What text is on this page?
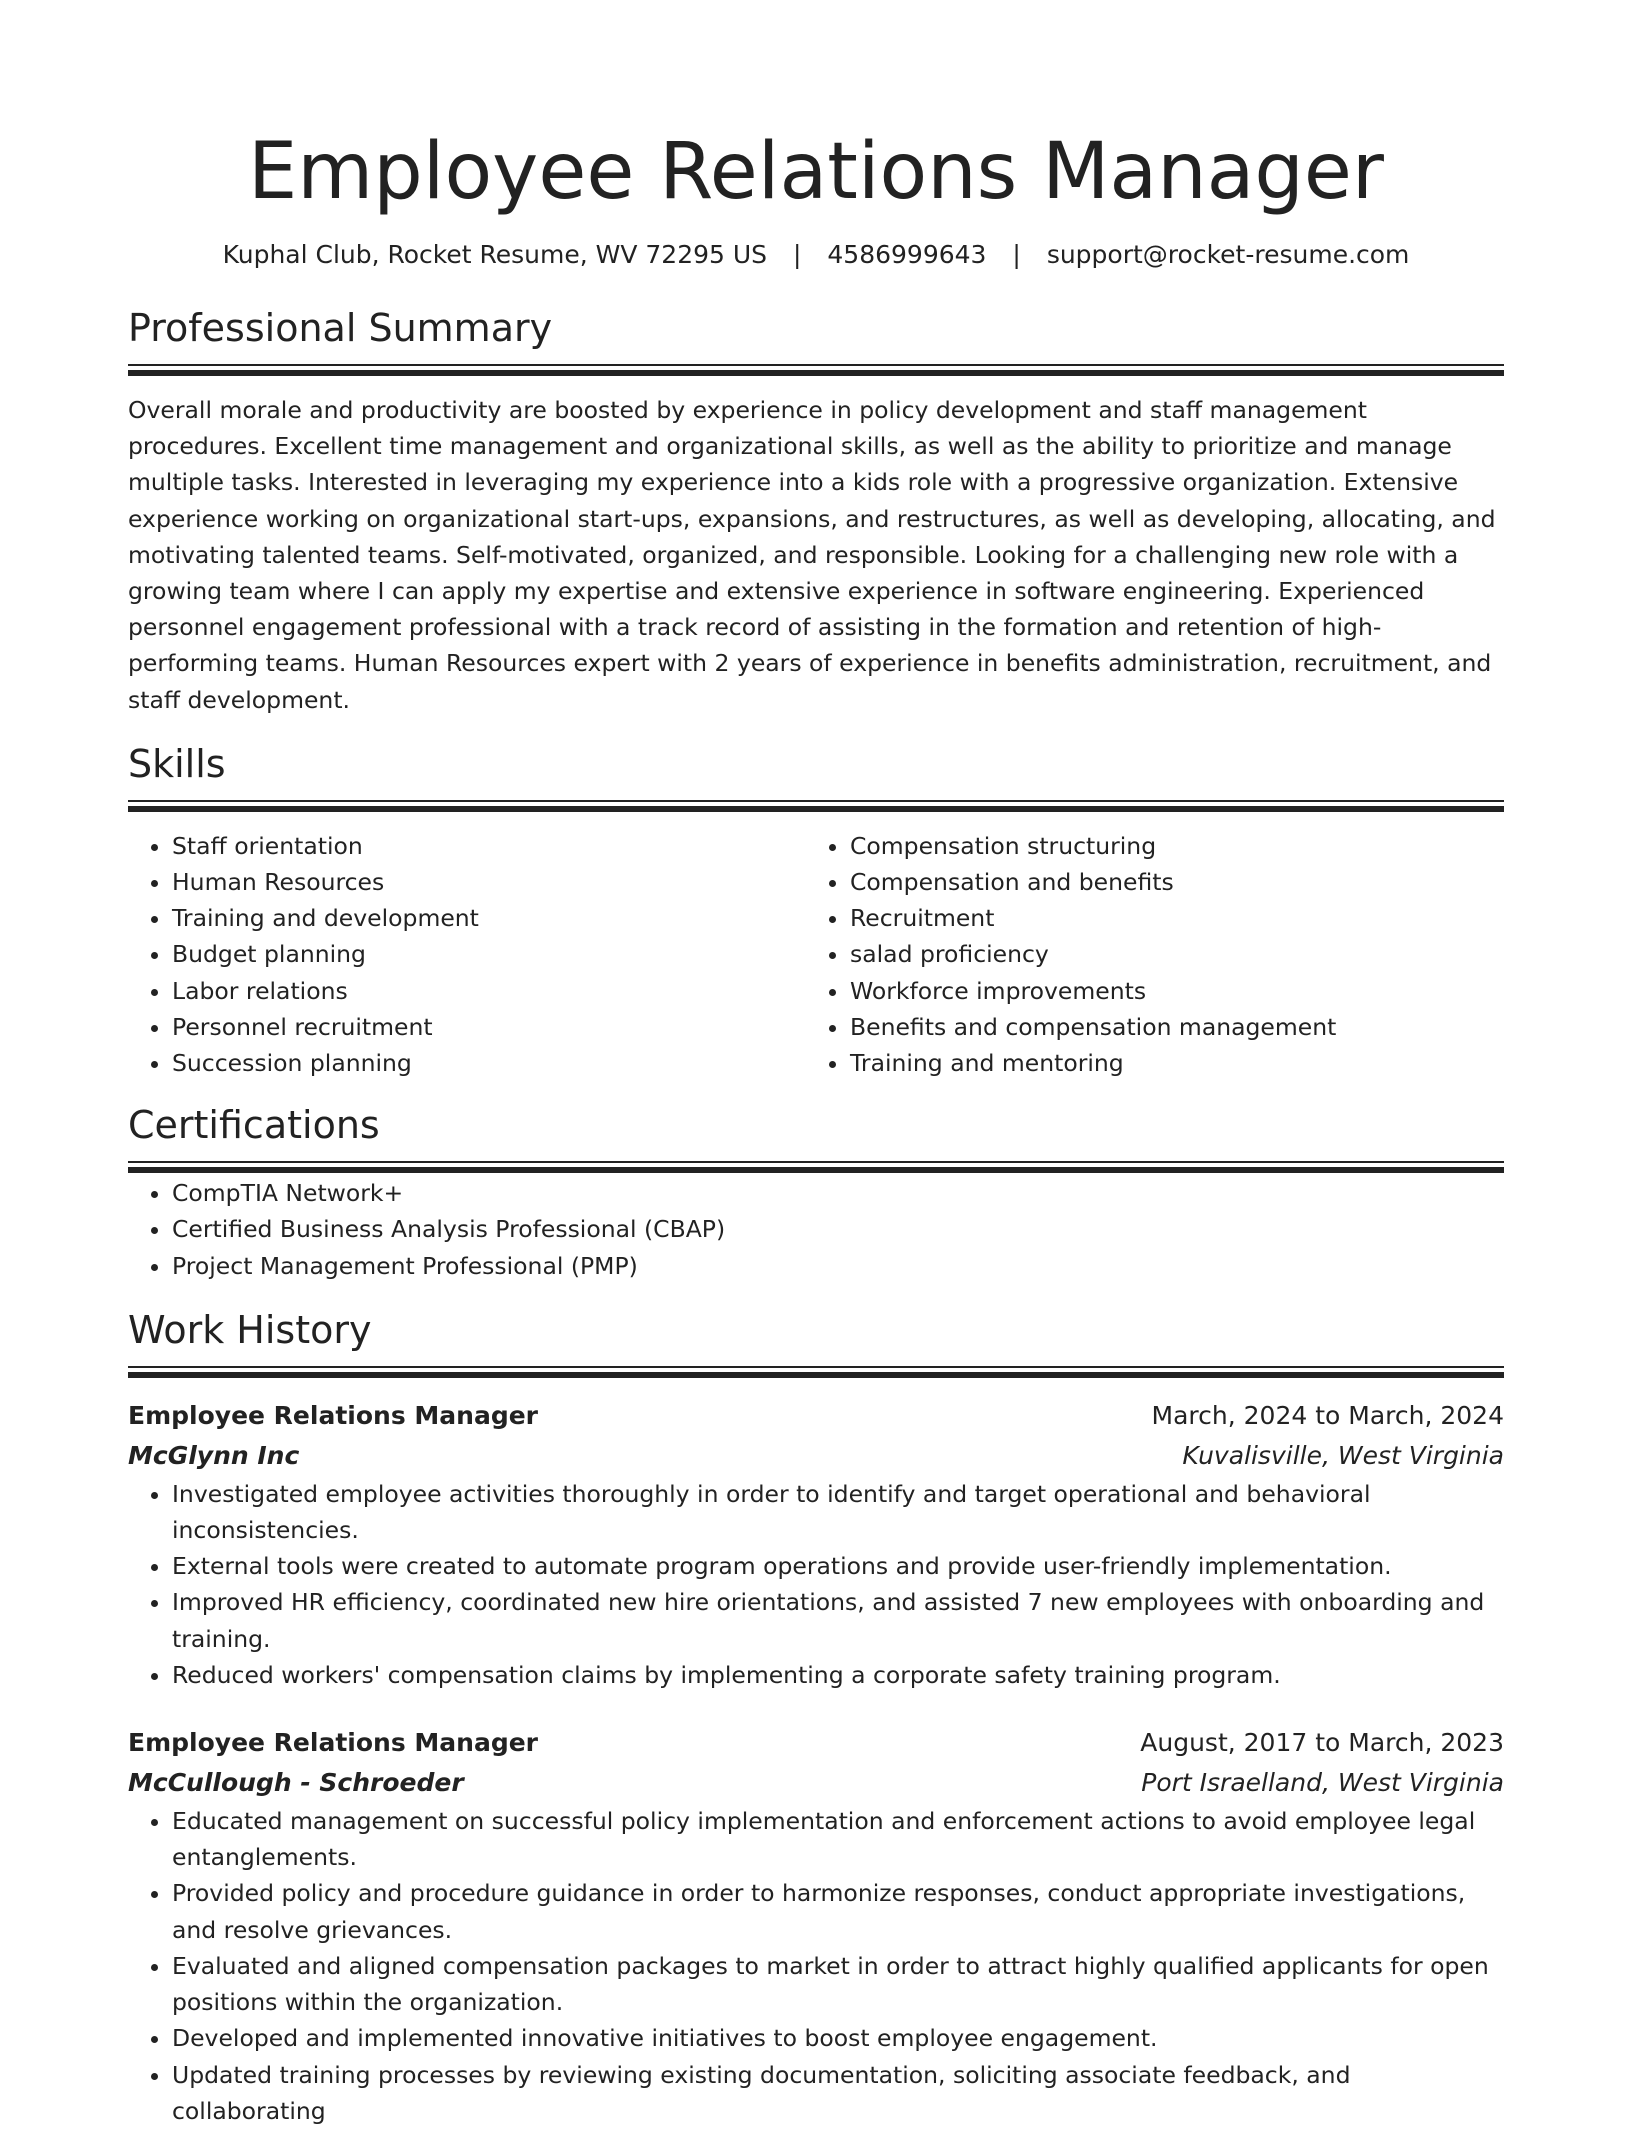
Employee Relations Manager
Kuphal Club, Rocket Resume, WV 72295 US | 4586999643 | support@rocket-resume.com
Professional Summary
Overall morale and productivity are boosted by experience in policy development and staff management procedures. Excellent time management and organizational skills, as well as the ability to prioritize and manage multiple tasks. Interested in leveraging my experience into a kids role with a progressive organization. Extensive experience working on organizational start-ups, expansions, and restructures, as well as developing, allocating, and motivating talented teams. Self-motivated, organized, and responsible. Looking for a challenging new role with a growing team where I can apply my expertise and extensive experience in software engineering. Experienced personnel engagement professional with a track record of assisting in the formation and retention of high-performing teams. Human Resources expert with 2 years of experience in benefits administration, recruitment, and staff development.
Skills
• Staff orientation
• Human Resources
• Training and development
• Budget planning
• Labor relations
• Personnel recruitment
• Succession planning
• Compensation structuring
• Compensation and benefits
• Recruitment
• salad proficiency
• Workforce improvements
• Benefits and compensation management
• Training and mentoring
Certifications
• CompTIA Network+
• Certified Business Analysis Professional (CBAP)
• Project Management Professional (PMP)
Work History
Employee Relations Manager	March, 2024 to March, 2024
McGlynn Inc	Kuvalisville, West Virginia
• Investigated employee activities thoroughly in order to identify and target operational and behavioral inconsistencies.
• External tools were created to automate program operations and provide user-friendly implementation.
• Improved HR efficiency, coordinated new hire orientations, and assisted 7 new employees with onboarding and training.
• Reduced workers' compensation claims by implementing a corporate safety training program.
Employee Relations Manager	August, 2017 to March, 2023
McCullough - Schroeder	Port Israelland, West Virginia
• Educated management on successful policy implementation and enforcement actions to avoid employee legal entanglements.
• Provided policy and procedure guidance in order to harmonize responses, conduct appropriate investigations, and resolve grievances.
• Evaluated and aligned compensation packages to market in order to attract highly qualified applicants for open positions within the organization.
• Developed and implemented innovative initiatives to boost employee engagement.
• Updated training processes by reviewing existing documentation, soliciting associate feedback, and collaborating
